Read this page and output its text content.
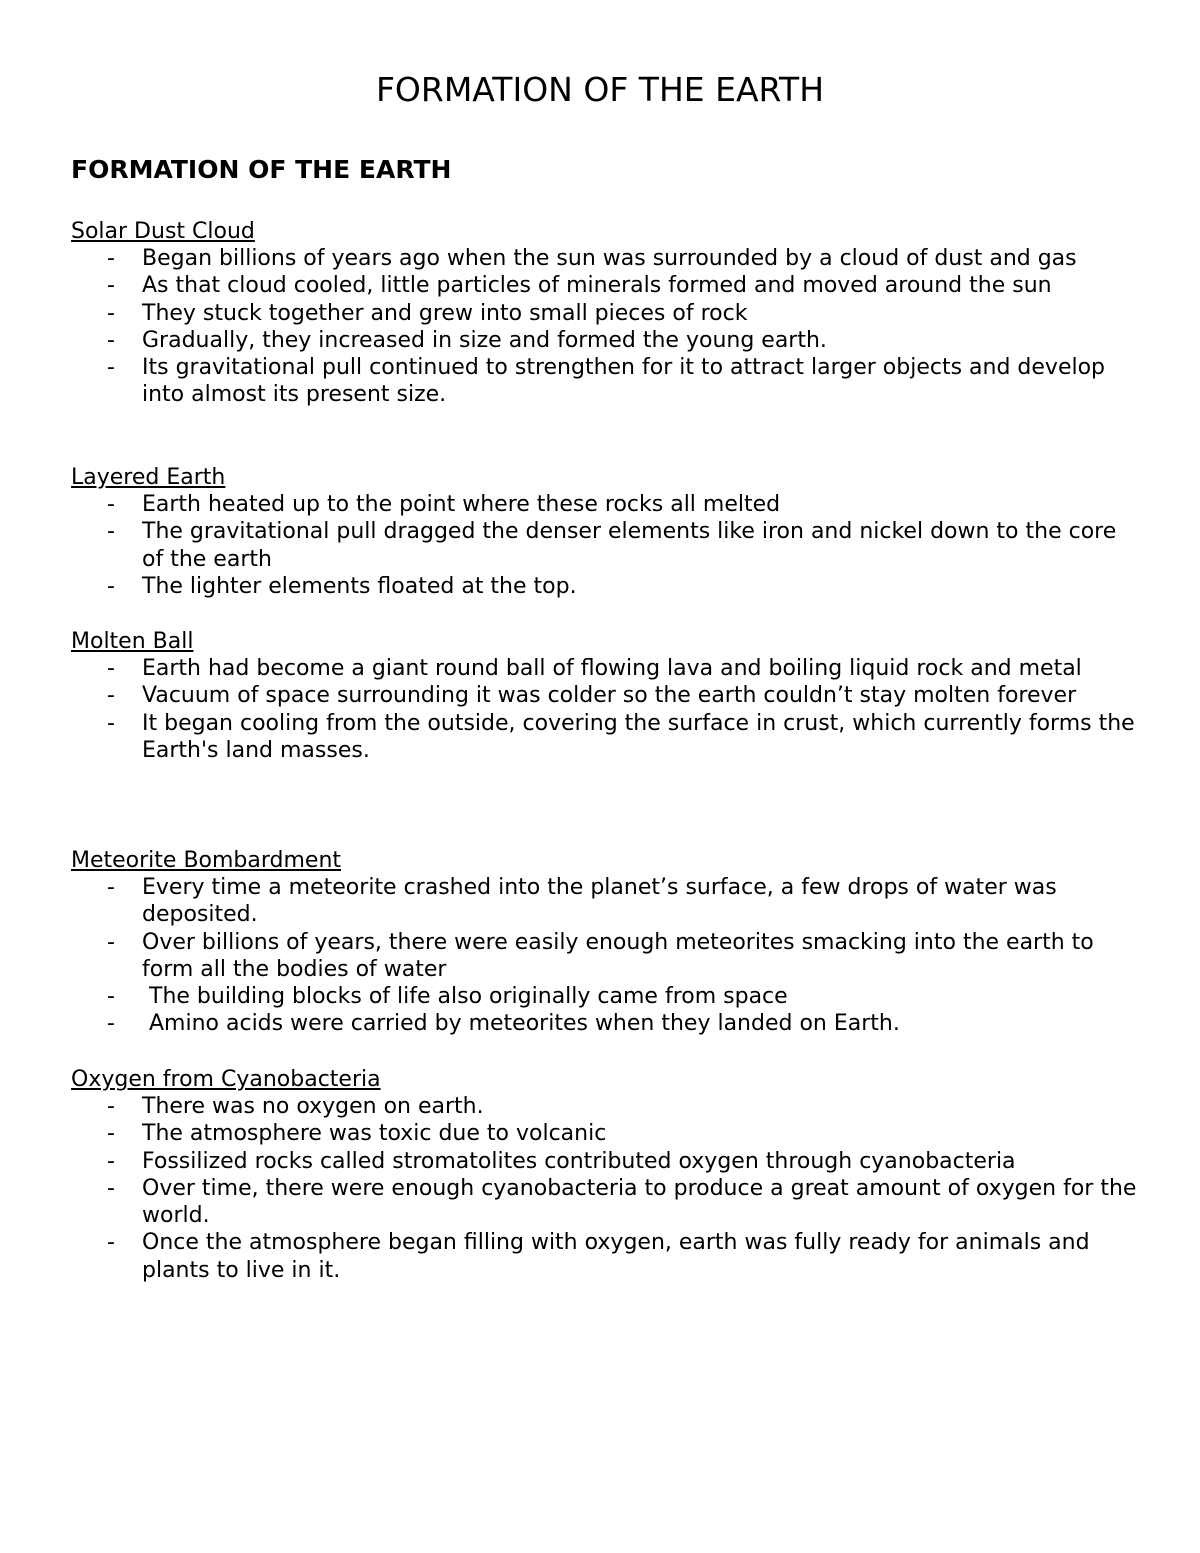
FORMATION OF THE EARTH
FORMATION OF THE EARTH
Solar Dust Cloud
- Began billions of years ago when the sun was surrounded by a cloud of dust and gas
- As that cloud cooled, little particles of minerals formed and moved around the sun
- They stuck together and grew into small pieces of rock
- Gradually, they increased in size and formed the young earth.
- Its gravitational pull continued to strengthen for it to attract larger objects and develop into almost its present size.
Layered Earth
- Earth heated up to the point where these rocks all melted
- The gravitational pull dragged the denser elements like iron and nickel down to the core of the earth
- The lighter elements floated at the top.
Molten Ball
- Earth had become a giant round ball of flowing lava and boiling liquid rock and metal
- Vacuum of space surrounding it was colder so the earth couldn’t stay molten forever
- It began cooling from the outside, covering the surface in crust, which currently forms the Earth's land masses.
Meteorite Bombardment
- Every time a meteorite crashed into the planet’s surface, a few drops of water was deposited.
- Over billions of years, there were easily enough meteorites smacking into the earth to form all the bodies of water
- The building blocks of life also originally came from space
- Amino acids were carried by meteorites when they landed on Earth.
Oxygen from Cyanobacteria
- There was no oxygen on earth.
- The atmosphere was toxic due to volcanic
- Fossilized rocks called stromatolites contributed oxygen through cyanobacteria
- Over time, there were enough cyanobacteria to produce a great amount of oxygen for the world.
- Once the atmosphere began filling with oxygen, earth was fully ready for animals and plants to live in it.
